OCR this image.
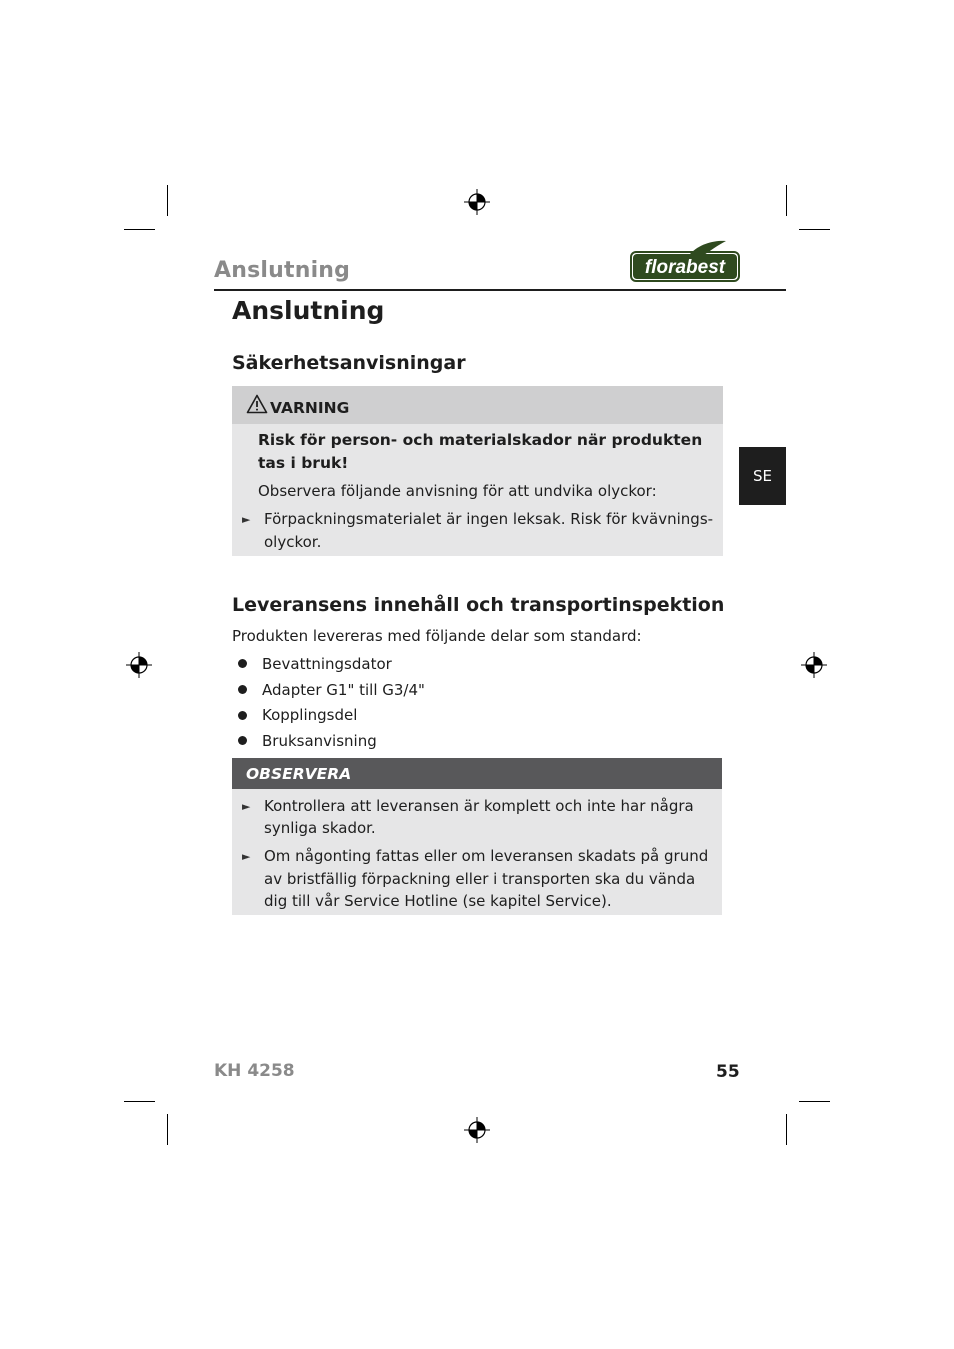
Anslutning	florabest
Anslutning
SE
Säkerhetsanvisningar
VARNING
Risk för person- och materialskador när produkten
tas i bruk!
Observera följande anvisning för att undvika olyckor:
► Förpackningsmaterialet är ingen leksak. Risk för kvävnings-
olyckor.
Leveransens innehåll och transportinspektion
Produkten levereras med följande delar som standard:
Bevattningsdator
Adapter G1" till G3/4"
Kopplingsdel
Bruksanvisning
OBSERVERA
► Kontrollera att leveransen är komplett och inte har några
synliga skador.
► Om någonting fattas eller om leveransen skadats på grund
av bristfällig förpackning eller i transporten ska du vända
dig till vår Service Hotline (se kapitel Service).
KH 4258	55
